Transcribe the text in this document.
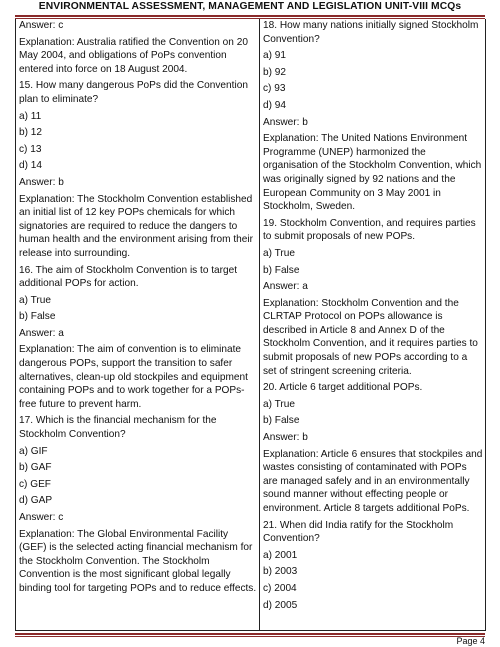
ENVIRONMENTAL ASSESSMENT, MANAGEMENT AND LEGISLATION UNIT-VIII MCQs

Answer: c

Explanation: Australia ratified the Convention on 20 May 2004, and obligations of PoPs convention entered into force on 18 August 2004.

15. How many dangerous PoPs did the Convention plan to eliminate?

a) 11

b) 12

c) 13

d) 14

Answer: b

Explanation: The Stockholm Convention established an initial list of 12 key POPs chemicals for which signatories are required to reduce the dangers to human health and the environment arising from their release into surrounding.

16. The aim of Stockholm Convention is to target additional POPs for action.

a) True

b) False

Answer: a

Explanation: The aim of convention is to eliminate dangerous POPs, support the transition to safer alternatives, clean-up old stockpiles and equipment containing POPs and to work together for a POPs-free future to prevent harm.

17. Which is the financial mechanism for the Stockholm Convention?

a) GIF

b) GAF

c) GEF

d) GAP

Answer: c

Explanation: The Global Environmental Facility (GEF) is the selected acting financial mechanism for the Stockholm Convention. The Stockholm Convention is the most significant global legally binding tool for targeting POPs and to reduce effects.

18. How many nations initially signed Stockholm Convention?

a) 91

b) 92

c) 93

d) 94

Answer: b

Explanation: The United Nations Environment Programme (UNEP) harmonized the organisation of the Stockholm Convention, which was originally signed by 92 nations and the European Community on 3 May 2001 in Stockholm, Sweden.

19. Stockholm Convention, and requires parties to submit proposals of new POPs.

a) True

b) False

Answer: a

Explanation: Stockholm Convention and the CLRTAP Protocol on POPs allowance is described in Article 8 and Annex D of the Stockholm Convention, and it requires parties to submit proposals of new POPs according to a set of stringent screening criteria.

20. Article 6 target additional POPs.

a) True

b) False

Answer: b

Explanation: Article 6 ensures that stockpiles and wastes consisting of contaminated with POPs are managed safely and in an environmentally sound manner without effecting people or environment. Article 8 targets additional PoPs.

21. When did India ratify for the Stockholm Convention?

a) 2001

b) 2003

c) 2004

d) 2005

Page 4
